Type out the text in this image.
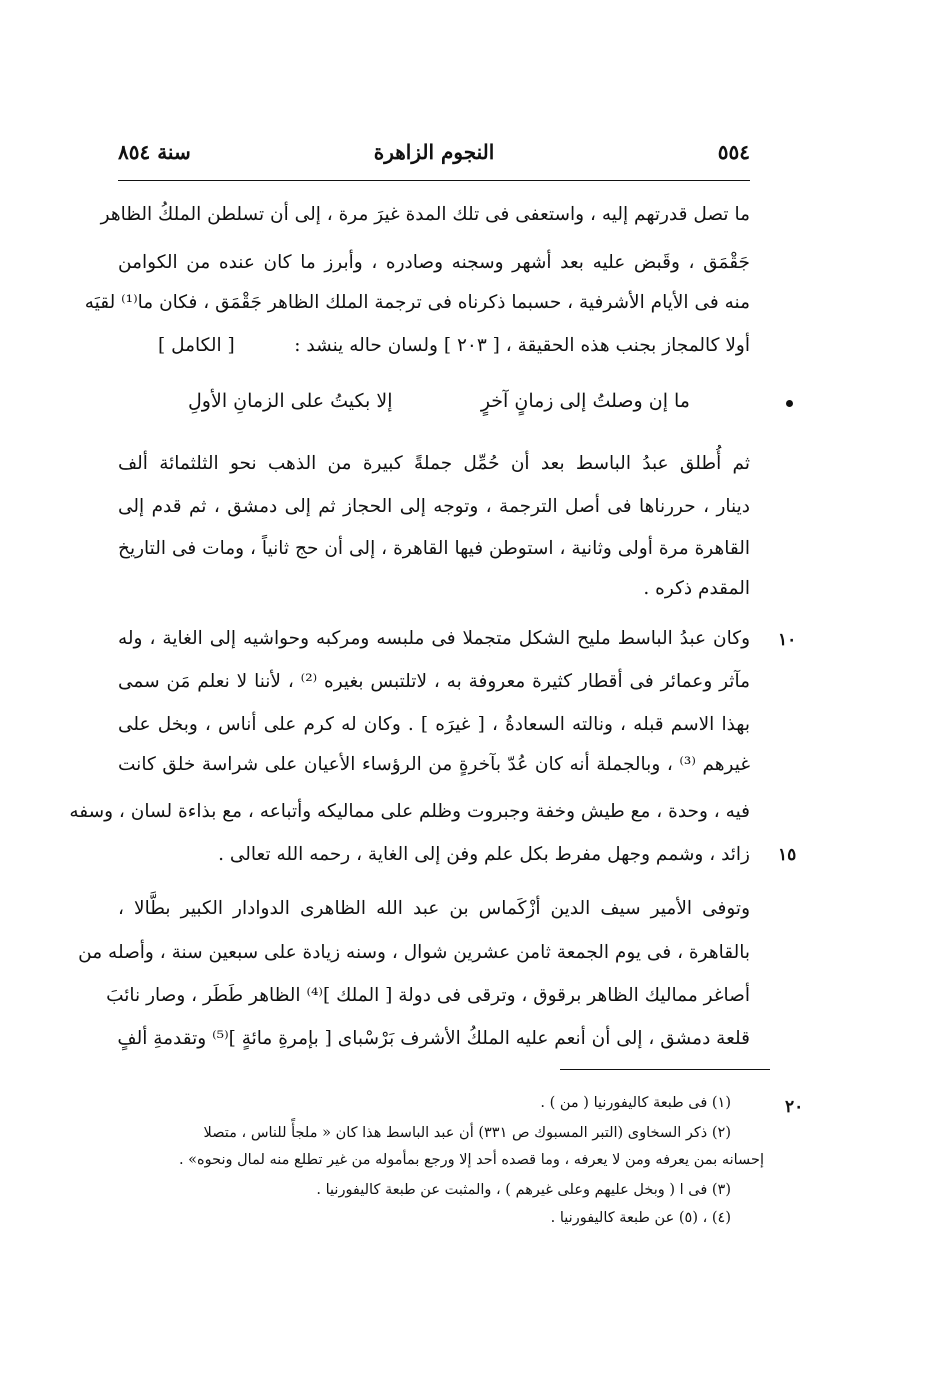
٥٥٤
النجوم الزاهرة
سنة ٨٥٤
ما تصل قدرتهم إليه ، واستعفى فى تلك المدة غيرَ مرة ، إلى أن تسلطن الملكُ الظاهر
جَقْمَق ، وقَبض عليه بعد أشهر وسجنه وصادره ، وأبرز ما كان عنده من الكوامن
منه فى الأيام الأشرفية ، حسبما ذكرناه فى ترجمة الملك الظاهر جَقْمَق ، فكان ما⁽¹⁾ لقيَه
أولا كالمجاز بجنب هذه الحقيقة ، [ ٢٠٣ ] ولسان حاله ينشد :
[ الكامل ]
ما إن وصلتُ إلى زمانٍ آخرٍ
إلا بكيتُ على الزمانِ الأولِ
ثم أُطلق عبدُ الباسط بعد أن حُمِّل جملةً كبيرة من الذهب نحو الثلثمائة ألف
دينار ، حررناها فى أصل الترجمة ، وتوجه إلى الحجاز ثم إلى دمشق ، ثم قدم إلى
القاهرة مرة أولى وثانية ، استوطن فيها القاهرة ، إلى أن حج ثانياً ، ومات فى التاريخ
المقدم ذكره .
١٠
وكان عبدُ الباسط مليح الشكل متجملا فى ملبسه ومركبه وحواشيه إلى الغاية ، وله
مآثر وعمائر فى أقطار كثيرة معروفة به ، لاتلتبس بغيره ⁽²⁾ ، لأننا لا نعلم مَن سمى
بهذا الاسم قبله ، ونالته السعادةُ ، [ غيرَه ] . وكان له كرم على أناس ، وبخل على
غيرهم ⁽³⁾ ، وبالجملة أنه كان عُدّ بآخرةٍ من الرؤساء الأعيان على شراسة خلق كانت
فيه ، وحدة ، مع طيش وخفة وجبروت وظلم على مماليكه وأتباعه ، مع بذاءة لسان ، وسفه
١٥
زائد ، وشمم وجهل مفرط بكل علم وفن إلى الغاية ، رحمه الله تعالى .
وتوفى الأمير سيف الدين أزْكَماس بن عبد الله الظاهرى الدوادار الكبير بطَّالا ،
بالقاهرة ، فى يوم الجمعة ثامن عشرين شوال ، وسنه زيادة على سبعين سنة ، وأصله من
أصاغر مماليك الظاهر برقوق ، وترقى فى دولة [ الملك ]⁽⁴⁾ الظاهر طَطَر ، وصار نائبَ
قلعة دمشق ، إلى أن أنعم عليه الملكُ الأشرف بَرْسْباى [ بإمرةِ مائةٍ ]⁽⁵⁾ وتقدمةِ ألفٍ
٢٠
(١) فى طبعة كاليفورنيا ( من ) .
(٢) ذكر السخاوى (التبر المسبوك ص ٣٣١) أن عبد الباسط هذا كان « ملجأً للناس ، متصلا
إحسانه بمن يعرفه ومن لا يعرفه ، وما قصده أحد إلا ورجع بمأموله من غير تطلع منه لمال ونحوه» .
(٣) فى ا ( وبخل عليهم وعلى غيرهم ) ، والمثبت عن طبعة كاليفورنيا .
(٤) ، (٥) عن طبعة كاليفورنيا .
